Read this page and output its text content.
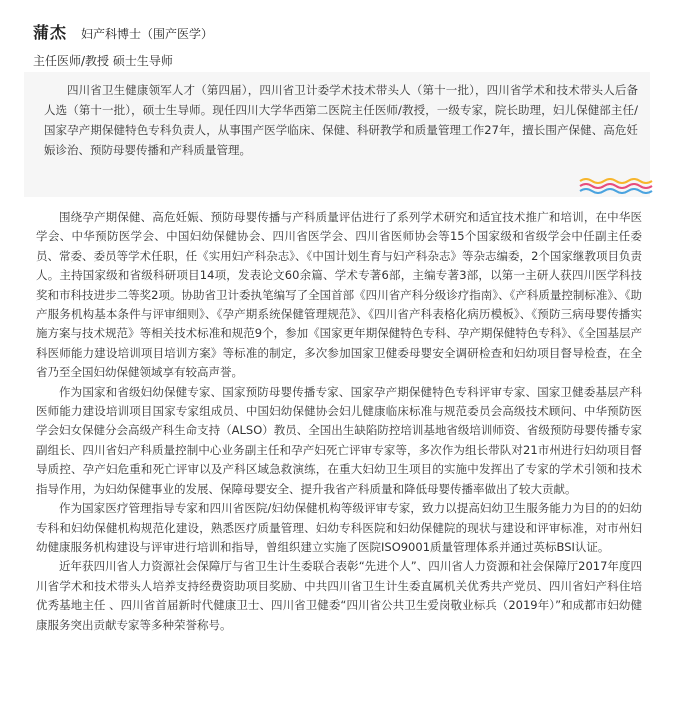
蒲杰 妇产科博士（围产医学）
主任医师/教授 硕士生导师

四川省卫生健康领军人才（第四届），四川省卫计委学术技术带头人（第十一批），四川省学术和技术带头人后备人选（第十一批），硕士生导师。现任四川大学华西第二医院主任医师/教授，一级专家，院长助理，妇儿保健部主任/国家孕产期保健特色专科负责人，从事围产医学临床、保健、科研教学和质量管理工作27年，擅长围产保健、高危妊娠诊治、预防母婴传播和产科质量管理。

围绕孕产期保健、高危妊娠、预防母婴传播与产科质量评估进行了系列学术研究和适宜技术推广和培训，在中华医学会、中华预防医学会、中国妇幼保健协会、四川省医学会、四川省医师协会等15个国家级和省级学会中任副主任委员、常委、委员等学术任职，任《实用妇产科杂志》、《中国计划生育与妇产科杂志》等杂志编委，2个国家继教项目负责人。主持国家级和省级科研项目14项，发表论文60余篇、学术专著6部，主编专著3部，以第一主研人获四川医学科技奖和市科技进步二等奖2项。协助省卫计委执笔编写了全国首部《四川省产科分级诊疗指南》、《产科质量控制标准》、《助产服务机构基本条件与评审细则》、《孕产期系统保健管理规范》、《四川省产科表格化病历模板》、《预防三病母婴传播实施方案与技术规范》等相关技术标准和规范9个，参加《国家更年期保健特色专科、孕产期保健特色专科》、《全国基层产科医师能力建设培训项目培训方案》等标准的制定，多次参加国家卫健委母婴安全调研检查和妇幼项目督导检查，在全省乃至全国妇幼保健领域享有较高声誉。

作为国家和省级妇幼保健专家、国家预防母婴传播专家、国家孕产期保健特色专科评审专家、国家卫健委基层产科医师能力建设培训项目国家专家组成员、中国妇幼保健协会妇儿健康临床标准与规范委员会高级技术顾问、中华预防医学会妇女保健分会高级产科生命支持（ALSO）教员、全国出生缺陷防控培训基地省级培训师资、省级预防母婴传播专家副组长、四川省妇产科质量控制中心业务副主任和孕产妇死亡评审专家等，多次作为组长带队对21市州进行妇幼项目督导质控、孕产妇危重和死亡评审以及产科区域急救演练，在重大妇幼卫生项目的实施中发挥出了专家的学术引领和技术指导作用，为妇幼保健事业的发展、保障母婴安全、提升我省产科质量和降低母婴传播率做出了较大贡献。

作为国家医疗管理指导专家和四川省医院/妇幼保健机构等级评审专家，致力以提高妇幼卫生服务能力为目的的妇幼专科和妇幼保健机构规范化建设，熟悉医疗质量管理、妇幼专科医院和妇幼保健院的现状与建设和评审标准，对市州妇幼健康服务机构建设与评审进行培训和指导，曾组织建立实施了医院ISO9001质量管理体系并通过英标BSI认证。

近年获四川省人力资源社会保障厅与省卫生计生委联合表彰“先进个人”、四川省人力资源和社会保障厅2017年度四川省学术和技术带头人培养支持经费资助项目奖励、中共四川省卫生计生委直属机关优秀共产党员、四川省妇产科住培优秀基地主任 、四川省首届新时代健康卫士、四川省卫健委“四川省公共卫生爱岗敬业标兵（2019年）”和成都市妇幼健康服务突出贡献专家等多种荣誉称号。
